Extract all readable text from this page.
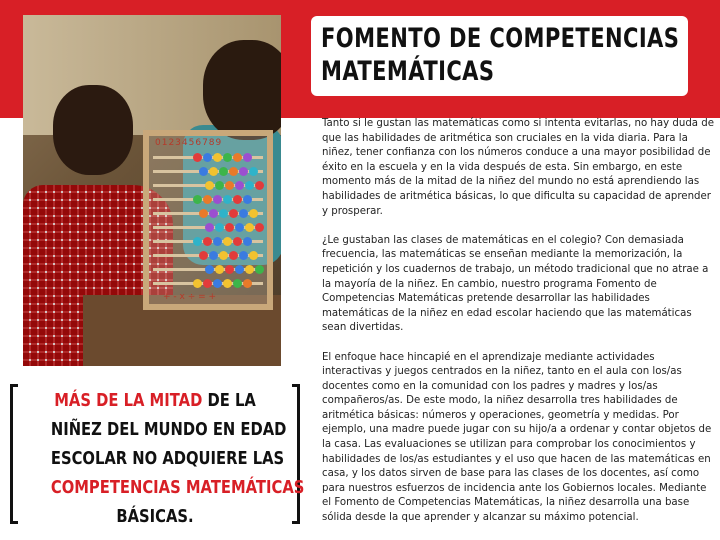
0123456789
+ - x ÷ = +
FOMENTO DE COMPETENCIAS MATEMÁTICAS

Tanto si le gustan las matemáticas como si intenta evitarlas, no hay duda de que las habilidades de aritmética son cruciales en la vida diaria. Para la niñez, tener confianza con los números conduce a una mayor posibilidad de éxito en la escuela y en la vida después de esta. Sin embargo, en este momento más de la mitad de la niñez del mundo no está aprendiendo las habilidades de aritmética básicas, lo que dificulta su capacidad de aprender y prosperar.

¿Le gustaban las clases de matemáticas en el colegio? Con demasiada frecuencia, las matemáticas se enseñan mediante la memorización, la repetición y los cuadernos de trabajo, un método tradicional que no atrae a la mayoría de la niñez. En cambio, nuestro programa Fomento de Competencias Matemáticas pretende desarrollar las habilidades matemáticas de la niñez en edad escolar haciendo que las matemáticas sean divertidas.

El enfoque hace hincapié en el aprendizaje mediante actividades interactivas y juegos centrados en la niñez, tanto en el aula con los/as docentes como en la comunidad con los padres y madres y los/as compañeros/as. De este modo, la niñez desarrolla tres habilidades de aritmética básicas: números y operaciones, geometría y medidas. Por ejemplo, una madre puede jugar con su hijo/a a ordenar y contar objetos de la casa. Las evaluaciones se utilizan para comprobar los conocimientos y habilidades de los/as estudiantes y el uso que hacen de las matemáticas en casa, y los datos sirven de base para las clases de los docentes, así como para nuestros esfuerzos de incidencia ante los Gobiernos locales. Mediante el Fomento de Competencias Matemáticas, la niñez desarrolla una base sólida desde la que aprender y alcanzar su máximo potencial.

MÁS DE LA MITAD DE LA
NIÑEZ DEL MUNDO EN EDAD
ESCOLAR NO ADQUIERE LAS
COMPETENCIAS MATEMÁTICAS
BÁSICAS.
